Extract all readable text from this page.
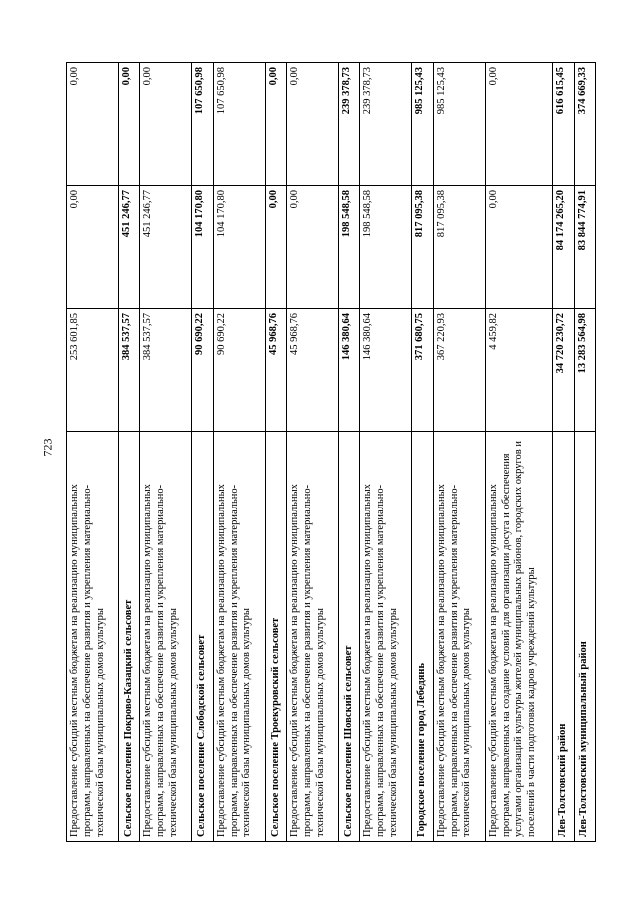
723
Предоставление субсидий местным бюджетам на реализацию муниципальных программ, направленных на обеспечение развития и укрепления материально-технической базы муниципальных домов культуры	253 601,85	0,00	0,00
Сельское поселение Покрово-Казацкий сельсовет	384 537,57	451 246,77	0,00
Предоставление субсидий местным бюджетам на реализацию муниципальных программ, направленных на обеспечение развития и укрепления материально-технической базы муниципальных домов культуры	384 537,57	451 246,77	0,00
Сельское поселение Слободской сельсовет	90 690,22	104 170,80	107 650,98
Предоставление субсидий местным бюджетам на реализацию муниципальных программ, направленных на обеспечение развития и укрепления материально-технической базы муниципальных домов культуры	90 690,22	104 170,80	107 650,98
Сельское поселение Троекуровский сельсовет	45 968,76	0,00	0,00
Предоставление субсидий местным бюджетам на реализацию муниципальных программ, направленных на обеспечение развития и укрепления материально-технической базы муниципальных домов культуры	45 968,76	0,00	0,00
Сельское поселение Шовский сельсовет	146 380,64	198 548,58	239 378,73
Предоставление субсидий местным бюджетам на реализацию муниципальных программ, направленных на обеспечение развития и укрепления материально-технической базы муниципальных домов культуры	146 380,64	198 548,58	239 378,73
Городское поселение город Лебедянь	371 680,75	817 095,38	985 125,43
Предоставление субсидий местным бюджетам на реализацию муниципальных программ, направленных на обеспечение развития и укрепления материально-технической базы муниципальных домов культуры	367 220,93	817 095,38	985 125,43
Предоставление субсидий местным бюджетам на реализацию муниципальных программ, направленных на создание условий для организации досуга и обеспечения услугами организаций культуры жителей муниципальных районов, городских округов и поселений в части подготовки кадров учреждений культуры	4 459,82	0,00	0,00
Лев-Толстовский район	34 720 230,72	84 174 265,20	616 615,45
Лев-Толстовский муниципальный район	13 283 564,98	83 844 774,91	374 669,33
